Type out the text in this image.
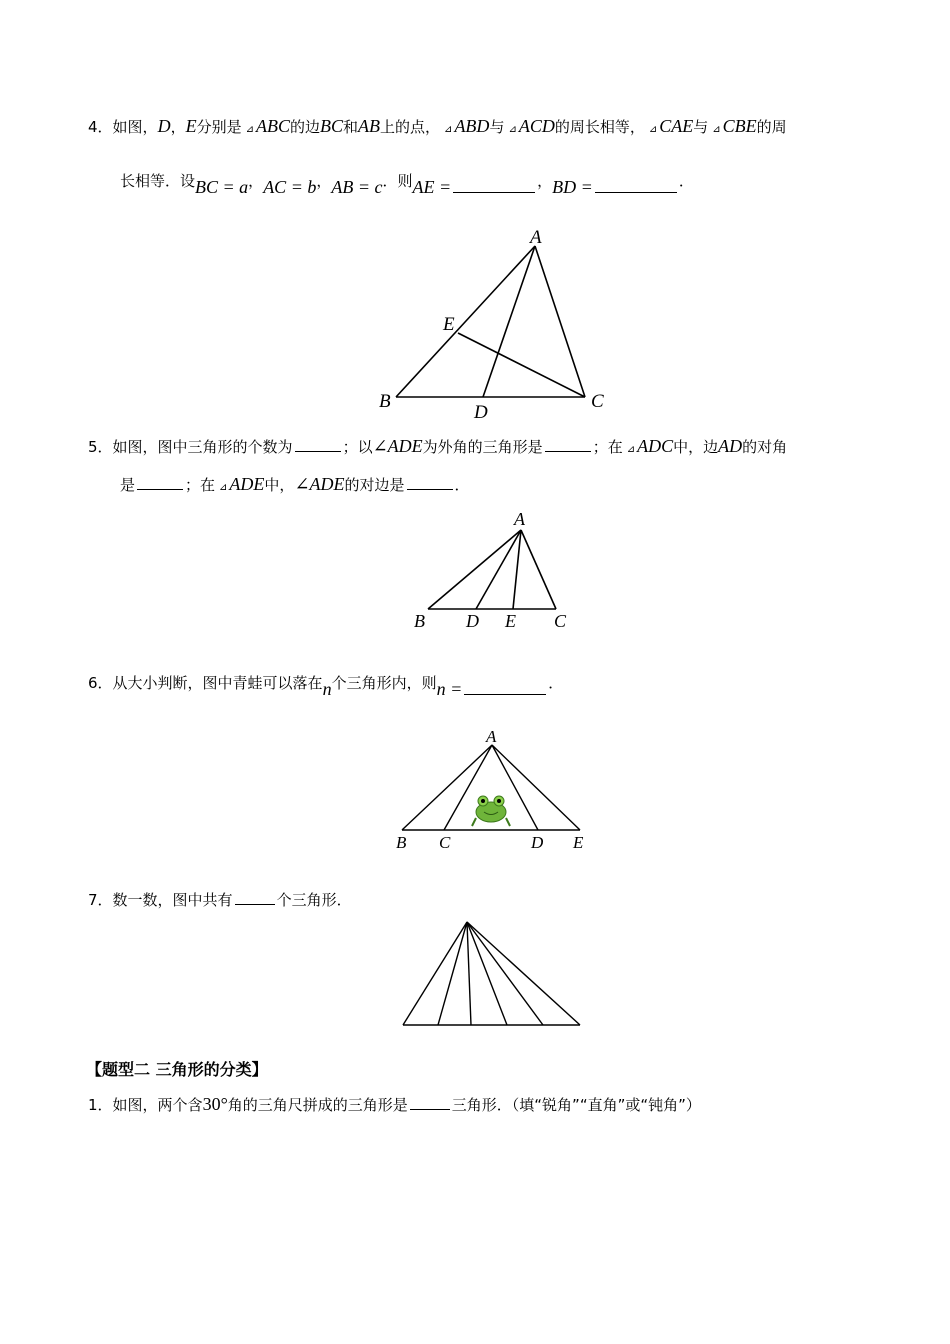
4．如图，D，E分别是 ⊿ ABC的边BC和AB上的点， ⊿ ABD与 ⊿ ACD的周长相等， ⊿ CAE与 ⊿ CBE的周
长相等．设BC = a，AC = b，AB = c．则AE =	，BD =	．
A
E
B
D
C
5．如图，图中三角形的个数为	；以∠ADE为外角的三角形是	；在 ⊿ ADC中，边AD的对角
是	；在 ⊿ ADE中，∠ADE的对边是	．
A
B D E C
6．从大小判断，图中青蛙可以落在n个三角形内，则n =	．
A
B C	D E
7．数一数，图中共有	个三角形．
【题型二 三角形的分类】
1．如图，两个含30°角的三角尺拼成的三角形是	三角形．（填“锐角”“直角”或“钝角”）
